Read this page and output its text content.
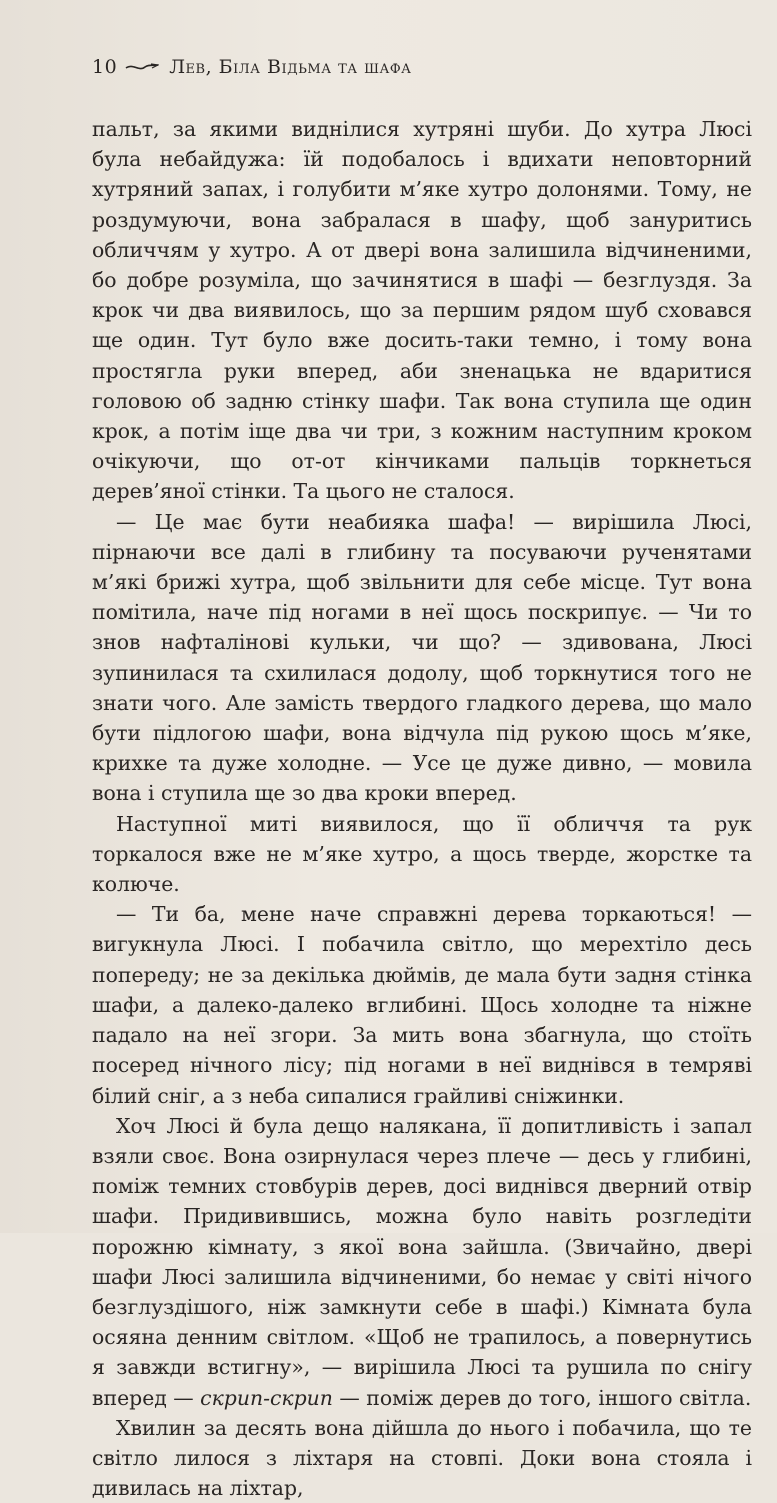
10	Лев, Біла Відьма та шафа

пальт, за якими виднілися хутряні шуби. До хутра Люсі була небайдужа: їй подобалось і вдихати неповторний хутряний запах, і голубити м’яке хутро долонями. Тому, не роздумуючи, вона забралася в шафу, щоб зануритись обличчям у хутро. А от двері вона залишила відчиненими, бо добре розуміла, що зачинятися в шафі — безглуздя. За крок чи два виявилось, що за першим рядом шуб сховався ще один. Тут було вже досить-таки темно, і тому вона простягла руки вперед, аби зненацька не вдаритися головою об задню стінку шафи. Так вона ступила ще один крок, а потім іще два чи три, з кожним наступним кроком очікуючи, що от-от кінчиками пальців торкнеться дерев’яної стінки. Та цього не сталося.

— Це має бути неабияка шафа! — вирішила Люсі, пірнаючи все далі в глибину та посуваючи рученятами м’які брижі хутра, щоб звільнити для себе місце. Тут вона помітила, наче під ногами в неї щось поскрипує. — Чи то знов нафталінові кульки, чи що? — здивована, Люсі зупинилася та схилилася додолу, щоб торкнутися того не знати чого. Але замість твердого гладкого дерева, що мало бути підлогою шафи, вона відчула під рукою щось м’яке, крихке та дуже холодне. — Усе це дуже дивно, — мовила вона і ступила ще зо два кроки вперед.

Наступної миті виявилося, що її обличчя та рук торкалося вже не м’яке хутро, а щось тверде, жорстке та колюче.

— Ти ба, мене наче справжні дерева торкаються! — вигукнула Люсі. І побачила світло, що мерехтіло десь попереду; не за декілька дюймів, де мала бути задня стінка шафи, а далеко-далеко вглибині. Щось холодне та ніжне падало на неї згори. За мить вона збагнула, що стоїть посеред нічного лісу; під ногами в неї виднівся в темряві білий сніг, а з неба сипалися грайливі сніжинки.

Хоч Люсі й була дещо налякана, її допитливість і запал взяли своє. Вона озирнулася через плече — десь у глибині, поміж темних стовбурів дерев, досі виднівся дверний отвір шафи. Придивившись, можна було навіть розгледіти порожню кімнату, з якої вона зайшла. (Звичайно, двері шафи Люсі залишила відчиненими, бо немає у світі нічого безглуздішого, ніж замкнути себе в шафі.) Кімната була осяяна денним світлом. «Щоб не трапилось, а повернутись я завжди встигну», — вирішила Люсі та рушила по снігу вперед — скрип-скрип — поміж дерев до того, іншого світла.

Хвилин за десять вона дійшла до нього і побачила, що те світло лилося з ліхтаря на стовпі. Доки вона стояла і дивилась на ліхтар,
